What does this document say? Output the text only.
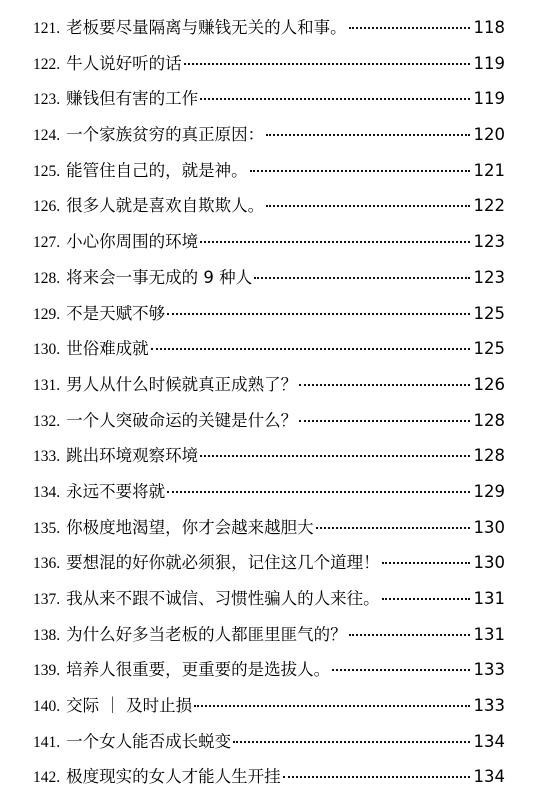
121. 老板要尽量隔离与赚钱无关的人和事。	118
122. 牛人说好听的话	119
123. 赚钱但有害的工作	119
124. 一个家族贫穷的真正原因：	120
125. 能管住自己的，就是神。	121
126. 很多人就是喜欢自欺欺人。	122
127. 小心你周围的环境	123
128. 将来会一事无成的 9 种人	123
129. 不是天赋不够	125
130. 世俗难成就	125
131. 男人从什么时候就真正成熟了？	126
132. 一个人突破命运的关键是什么？	128
133. 跳出环境观察环境	128
134. 永远不要将就	129
135. 你极度地渴望，你才会越来越胆大	130
136. 要想混的好你就必须狠，记住这几个道理！	130
137. 我从来不跟不诚信、习惯性骗人的人来往。	131
138. 为什么好多当老板的人都匪里匪气的？	131
139. 培养人很重要，更重要的是选拔人。	133
140. 交际 ｜ 及时止损	133
141. 一个女人能否成长蜕变	134
142. 极度现实的女人才能人生开挂	134
